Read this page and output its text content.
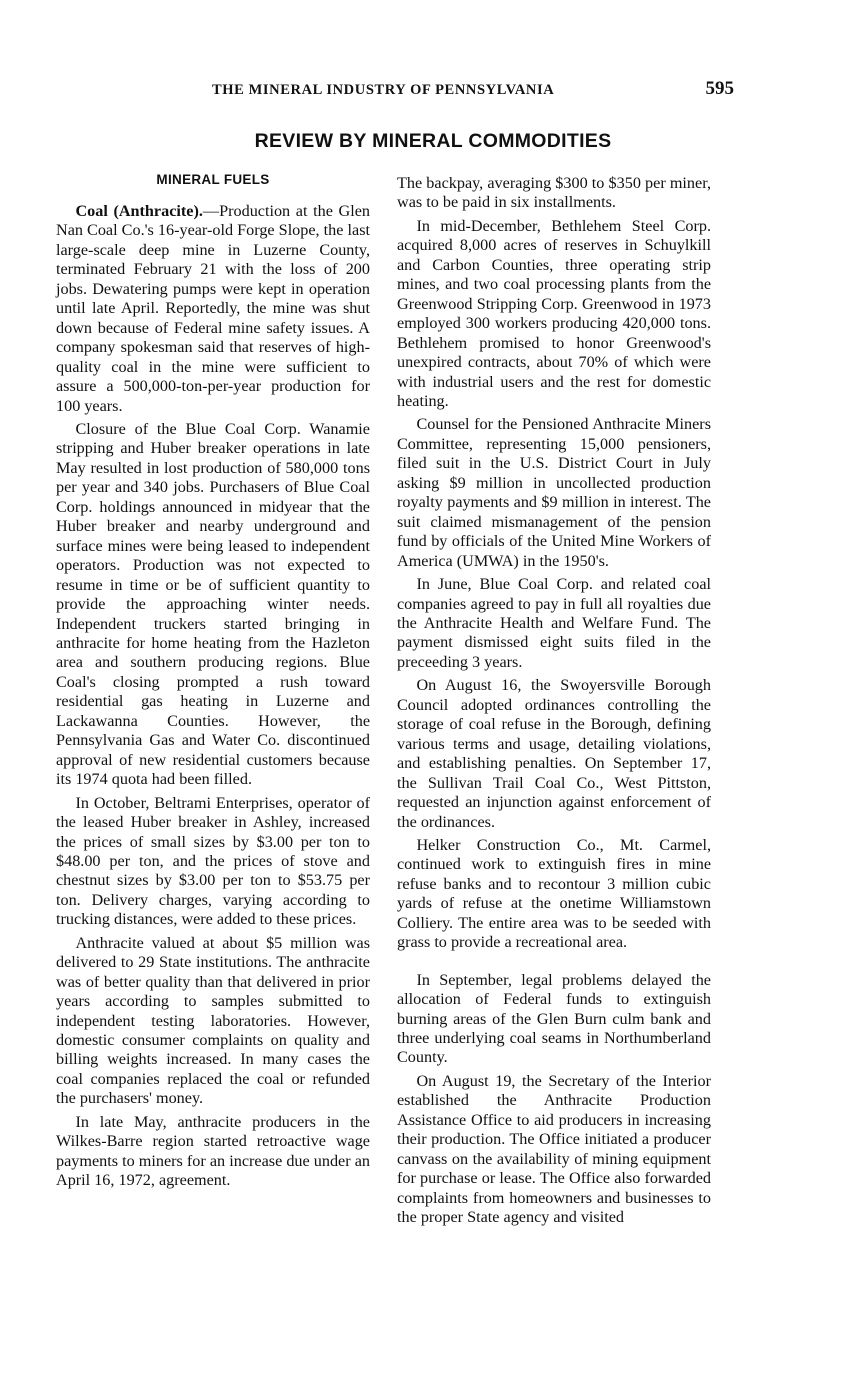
THE MINERAL INDUSTRY OF PENNSYLVANIA	595
REVIEW BY MINERAL COMMODITIES
MINERAL FUELS

Coal (Anthracite).—Production at the Glen Nan Coal Co.'s 16-year-old Forge Slope, the last large-scale deep mine in Luzerne County, terminated February 21 with the loss of 200 jobs. Dewatering pumps were kept in operation until late April. Reportedly, the mine was shut down because of Federal mine safety issues. A company spokesman said that reserves of high-quality coal in the mine were sufficient to assure a 500,000-ton-per-year production for 100 years.

Closure of the Blue Coal Corp. Wanamie stripping and Huber breaker operations in late May resulted in lost production of 580,000 tons per year and 340 jobs. Purchasers of Blue Coal Corp. holdings announced in midyear that the Huber breaker and nearby underground and surface mines were being leased to independent operators. Production was not expected to resume in time or be of sufficient quantity to provide the approaching winter needs. Independent truckers started bringing in anthracite for home heating from the Hazleton area and southern producing regions. Blue Coal's closing prompted a rush toward residential gas heating in Luzerne and Lackawanna Counties. However, the Pennsylvania Gas and Water Co. discontinued approval of new residential customers because its 1974 quota had been filled.

In October, Beltrami Enterprises, operator of the leased Huber breaker in Ashley, increased the prices of small sizes by $3.00 per ton to $48.00 per ton, and the prices of stove and chestnut sizes by $3.00 per ton to $53.75 per ton. Delivery charges, varying according to trucking distances, were added to these prices.

Anthracite valued at about $5 million was delivered to 29 State institutions. The anthracite was of better quality than that delivered in prior years according to samples submitted to independent testing laboratories. However, domestic consumer complaints on quality and billing weights increased. In many cases the coal companies replaced the coal or refunded the purchasers' money.

In late May, anthracite producers in the Wilkes-Barre region started retroactive wage payments to miners for an increase due under an April 16, 1972, agreement.

The backpay, averaging $300 to $350 per miner, was to be paid in six installments.

In mid-December, Bethlehem Steel Corp. acquired 8,000 acres of reserves in Schuylkill and Carbon Counties, three operating strip mines, and two coal processing plants from the Greenwood Stripping Corp. Greenwood in 1973 employed 300 workers producing 420,000 tons. Bethlehem promised to honor Greenwood's unexpired contracts, about 70% of which were with industrial users and the rest for domestic heating.

Counsel for the Pensioned Anthracite Miners Committee, representing 15,000 pensioners, filed suit in the U.S. District Court in July asking $9 million in uncollected production royalty payments and $9 million in interest. The suit claimed mismanagement of the pension fund by officials of the United Mine Workers of America (UMWA) in the 1950's.

In June, Blue Coal Corp. and related coal companies agreed to pay in full all royalties due the Anthracite Health and Welfare Fund. The payment dismissed eight suits filed in the preceeding 3 years.

On August 16, the Swoyersville Borough Council adopted ordinances controlling the storage of coal refuse in the Borough, defining various terms and usage, detailing violations, and establishing penalties. On September 17, the Sullivan Trail Coal Co., West Pittston, requested an injunction against enforcement of the ordinances.

Helker Construction Co., Mt. Carmel, continued work to extinguish fires in mine refuse banks and to recontour 3 million cubic yards of refuse at the onetime Williamstown Colliery. The entire area was to be seeded with grass to provide a recreational area.

In September, legal problems delayed the allocation of Federal funds to extinguish burning areas of the Glen Burn culm bank and three underlying coal seams in Northumberland County.

On August 19, the Secretary of the Interior established the Anthracite Production Assistance Office to aid producers in increasing their production. The Office initiated a producer canvass on the availability of mining equipment for purchase or lease. The Office also forwarded complaints from homeowners and businesses to the proper State agency and visited
